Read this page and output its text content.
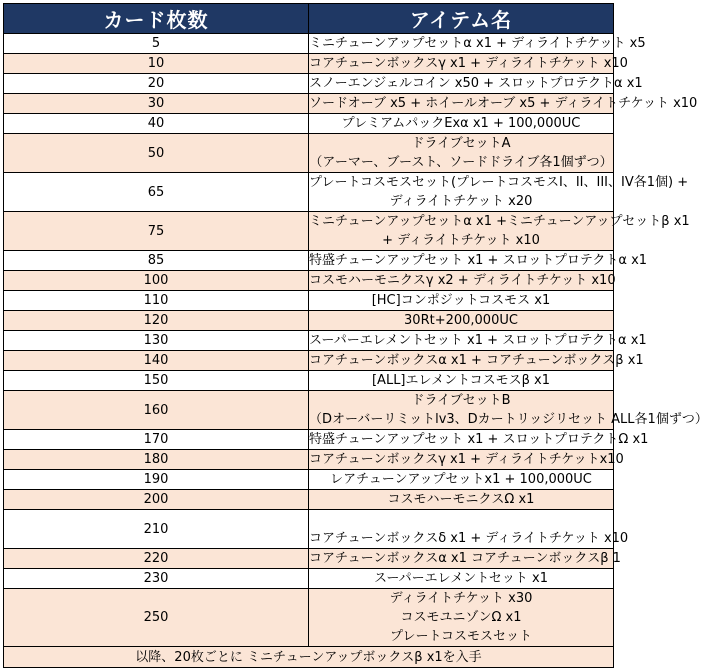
カード枚数	アイテム名
5	ミニチューンアップセットα x1 + ディライトチケット x5

10	コアチューンボックスγ x1 + ディライトチケット x10

20	スノーエンジェルコイン x50 + スロットプロテクトα x1

30	ソードオーブ x5 + ホイールオーブ x5 + ディライトチケット x10

40	プレミアムパックExα x1 + 100,000UC

50	ドライブセットA
（アーマー、ブースト、ソードドライブ各1個ずつ）

65	プレートコスモスセット(プレートコスモスI、II、III、IV各1個) +
ディライトチケット x20

75	ミニチューンアップセットα x1 +ミニチューンアップセットβ x1
+ ディライトチケット x10

85	特盛チューンアップセット x1 + スロットプロテクトα x1

100	コスモハーモニクスγ x2 + ディライトチケット x10

110	[HC]コンポジットコスモス x1

120	30Rt+200,000UC

130	スーパーエレメントセット x1 + スロットプロテクトα x1

140	コアチューンボックスα x1 + コアチューンボックスβ x1

150	[ALL]エレメントコスモスβ x1

160	ドライブセットB
（Dオーバーリミットlv3、Dカートリッジリセット ALL各1個ずつ）

170	特盛チューンアップセット x1 + スロットプロテクトΩ x1

180	コアチューンボックスγ x1 + ディライトチケットx10

190	レアチューンアップセットx1 + 100,000UC

200	コスモハーモニクスΩ x1

210	コアチューンボックスδ x1 + ディライトチケット x10

220	コアチューンボックスα x1 コアチューンボックスβ 1

230	スーパーエレメントセット x1

250	ディライトチケット x30
コスモユニゾンΩ x1
プレートコスモスセット

以降、20枚ごとに ミニチューンアップボックスβ x1を入手	
